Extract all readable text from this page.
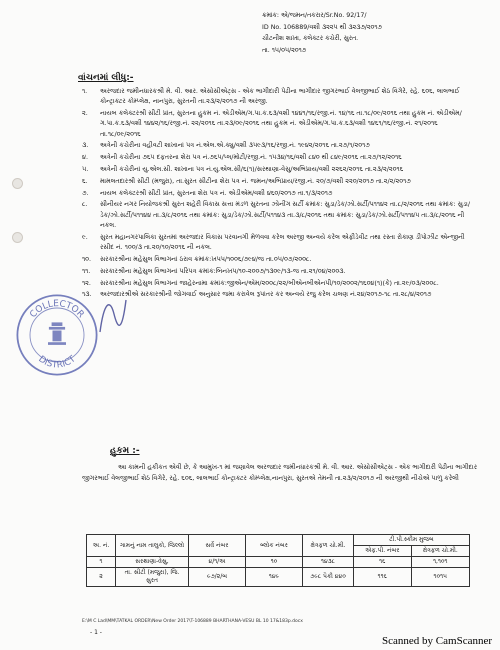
ક્રમાંક: એ/જમન/તકરાર/Sr.No. 92/17/
ID No. 106889/વશી ૩૨૨૫ થી ૩૨૩૭/૨૦૧૭
ચીટનીશ શાખા, કલેક્ટર કચેરી, સુરત.
તા. ૧૫/૦૫/૨૦૧૭
વાંચનમાં લીધુ:-
૧.	અરજદાર જમીનધારકશ્રી મે. વી. આર. એસોસીએટ્સ - એક ભાગીદારી પેઢીના ભાગીદાર જીગરભાઈ વેલજીભાઈ શેઠ વિગેરે, રહે. ૬૦૬, લાલભાઈ કોન્ટ્રાક્ટર કોમ્પ્લેક્ષ, નાનપુરા, સુરતની તા.૨૩/૨/૨૦૧૭ ની અરજી.
૨.	નાયબ કલેક્ટરશ્રી સીટી પ્રાંત, સુરતના હુકમ નં. એડીએમ/ગ.પા.ક.૬૩/વશી ૧૪૪૧/૧૬/રજી.નં. ૧૪/૧૬ તા.૧૮/૦૯/૨૦૧૬ તથા હુકમ નં. એડીએમ/ગ.પા.ક.૬૩/વશી ૧૪૪૨/૧૬/રજી.નં. ૨૨/૨૦૧૬ તા.૨૩/૦૯/૨૦૧૬ તથા હુકમ નં. એડીએમ/ગ.પા.ક.૬૩/વશી ૧૪૬૧/૧૬/રજી.નં. ૨૧/૨૦૧૬ તા.૧૮/૦૯/૨૦૧૬
૩.	અત્રેની કચેરીના વહીવટી શાખાનાં પત્ર નં.એલ.એ.ક્યુ/વશી ૩૫૯૩/૧૬/રજી.નં. ૧૯૪૨/૨૦૧૬ તા.૨૭/૧/૨૦૧૭
૪.	અત્રેની કચેરીના ૭૬૫ દફતરના શેરા પત્ર નં.૭૬૫/પ્લ/મોટી/રજી.નં. ૧૫૩૪/૧૬/વશી ૮૪૦ થી ૮૪૯/૨૦૧૬ તા.૨૭/૧૨/૨૦૧૬
૫.	અત્રેની કચેરીનાં યુ.એલ.સી. શાખાના પત્ર નં.યુ.એલ.સી/૬(૧)/સરથાણા-વેસુ/અભિપ્રાય/વશી ૨૨૬૨/૨૦૧૬ તા.૨૩/૨/૨૦૧૬
૬.	મામલતદારશ્રી સીટી (મજુરા), તા.સુરત સીટીના શેરા પત્ર નં. જમન/અભિપ્રાય/રજી.નં. ૨૦/૭/વશી ૨૨૦/૨૦૧૭ તા.૨/૨/૨૦૧૭
૭.	નાયબ કલેક્ટરશ્રી સીટી પ્રાંત, સુરતના શેરા પત્ર નં. એડીએમ/વશી ૪૬૦/૨૦૧૭ તા.૧/૩/૨૦૧૭
૮.	સીનીયર નગર નિયોજકશ્રી સુરત શહેરી વિકાસ સત્તા મંડળ સુરતના ઝોનીંગ સર્ટી ક્રમાંક: સુડા/ડેક/ઝો.સર્ટી/પ૧૧૪૨ તા.૮/૨/૨૦૧૬ તથા ક્રમાંક: સુડા/ડેક/ઝો.સર્ટી/પ૧૧૪૪ તા.૩/૮/૨૦૧૬ તથા ક્રમાંક: સુડા/ડેક/ઝો.સર્ટી/પ૧૧૪૩ તા.૩/૮/૨૦૧૬ તથા ક્રમાંક: સુડા/ડેક/ઝો.સર્ટી/પ૧૧૪૫ તા.૩/૮/૨૦૧૬ ની નકલ.
૯.	સુરત મહાનગરપાલિકા સુરતમાં અરજદાર વિકાસ પરવાનગી મેળવવા કરેલ અરજી અન્વયે કરેલ એફીડેવીટ તથા રસ્તા રોકાણ ડીપોઝીટ એન્જીની રસીદ નં. ૧૦૦/૩ તા.૨૦/૧૦/૨૦૧૬ ની નકલ.
૧૦.	સરકારશ્રીના મહેસુલ વિભાગનાં ઠરાવ ક્રમાંક:ખપપ/૧૦૦૬/૭૯૪/જ તા.૦૫/૦૭/૨૦૦૮.
૧૧.	સરકારશ્રીના મહેસુલ વિભાગનાં પરિપત્ર ક્રમાંક:બિનખપ/૧૦-૨૦૦૭/૧૩૦૯/૧૩-જ તા.૨૧/૦૪/૨૦૦૩.
૧૨.	સરકારશ્રીના મહેસુલ વિભાગનાં જાહેરનામા ક્રમાંક:જીએન/એમ/૨૦૦૮/૨૨/બીએનબીએનપી/૧૦/૨૦૦૨/૧૬૦૪(૧)(કે) તા.૨૯/૦૩/૨૦૦૮.
૧૩.	અરજદારશ્રીએ સરકારશ્રીની જોગવાઈ અનુસાર જમા કરાવેલ રૂપાંતર કર અન્વયે રજુ કરેલ ચલણ નં.૨૪/૨૦૧૭-૧૮ તા.૨૮/૪/૨૦૧૭
COLLECTOR
DISTRICT
હુકમ :-
આ કામની હકીકત એવી છે, કે આમુખ-૧ માં જણાવેલ અરજદાર જમીનધારકશ્રી મે. વી. આર. એસોસીએટ્સ - એક ભાગીદારી પેઢીના ભાગીદાર જીગરભાઈ વેલજીભાઈ શેઠ વિગેરે, રહે. ૬૦૬, લાલભાઈ કોન્ટ્રાક્ટર કોમ્પ્લેક્ષ,નાનપુરા, સુરતએ તેમની તા.૨૩/૨/૨૦૧૭ ની અરજીથી નીચેએ ૫ાળુ કરેલી
અ. નં.	ગામનું નામ તાલુકો, જિલ્લો	સર્વે નંબર	બ્લોક નંબર	ક્ષેત્રફળ ચો.મી.	ટી.પી.સ્કીમ મુજબ	
					એફ.પી. નંબર	ક્ષેત્રફળ ચો.મી.
૧	સરથાણા-વેસુ,	૪/૧/અ	૧૦	૧૪૩૮	૧૬	૧,૧૦૧
૨	તા. સીટી (મજુરા), જિ. સુરત	૯૭/૨/બ	૧૪૯	૭૯૮ પૈકી ૪૪૦	૧૧૬	૧૦૧૫
E:\M C Lad\MM\TATKAL ORDER\New Order 2017\T-106889 BHARTHANA-VESU BL 10 17&183p.docx
- 1 -
Scanned by CamScanner
